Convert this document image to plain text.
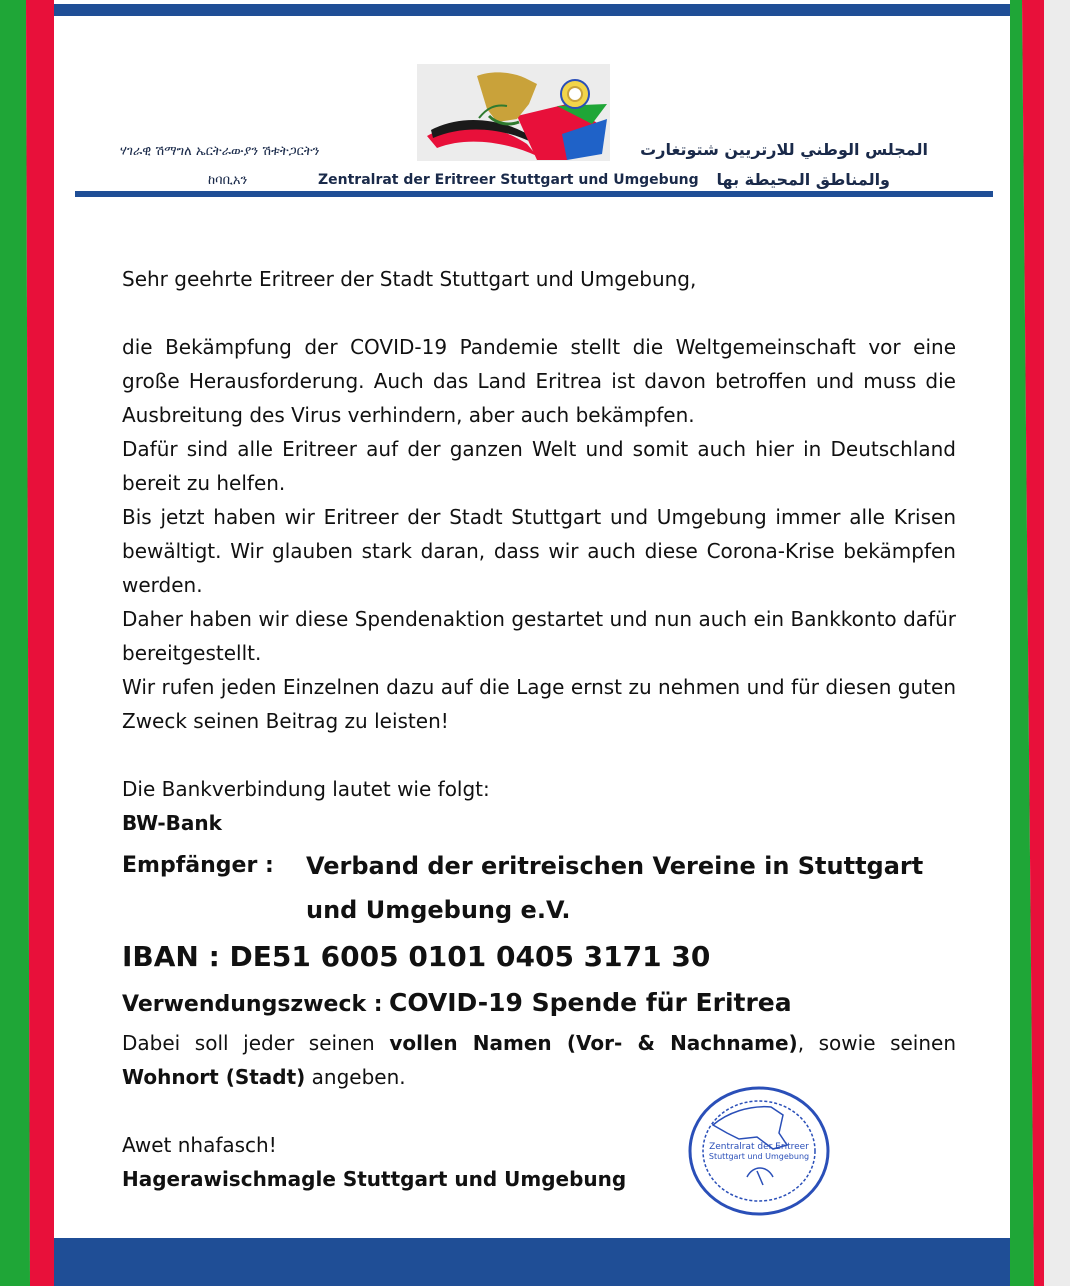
ሃገራዊ ሽማግለ ኤርትራውያን ሽቱትጋርትን
ከባቢአን	Zentralrat der Eritreer Stuttgart und Umgebung
المجلس الوطني للارتريين شتوتغارت
والمناطق المحيطة بها

Sehr geehrte Eritreer der Stadt Stuttgart und Umgebung,

die Bekämpfung der COVID-19 Pandemie stellt die Weltgemeinschaft vor eine große Herausforderung. Auch das Land Eritrea ist davon betroffen und muss die Ausbreitung des Virus verhindern, aber auch bekämpfen.

Dafür sind alle Eritreer auf der ganzen Welt und somit auch hier in Deutschland bereit zu helfen.

Bis jetzt haben wir Eritreer der Stadt Stuttgart und Umgebung immer alle Krisen bewältigt. Wir glauben stark daran, dass wir auch diese Corona-Krise bekämpfen werden.

Daher haben wir diese Spendenaktion gestartet und nun auch ein Bankkonto dafür bereitgestellt.

Wir rufen jeden Einzelnen dazu auf die Lage ernst zu nehmen und für diesen guten Zweck seinen Beitrag zu leisten!

Die Bankverbindung lautet wie folgt:

BW-Bank

Empfänger :	Verband der eritreischen Vereine in Stuttgart und Umgebung e.V.
IBAN : DE51 6005 0101 0405 3171 30
Verwendungszweck : COVID-19 Spende für Eritrea

Dabei soll jeder seinen vollen Namen (Vor- & Nachname), sowie seinen Wohnort (Stadt) angeben.

Awet nhafasch!

Hagerawischmagle Stuttgart und Umgebung

Zentralrat der Eritreer
Stuttgart und Umgebung
